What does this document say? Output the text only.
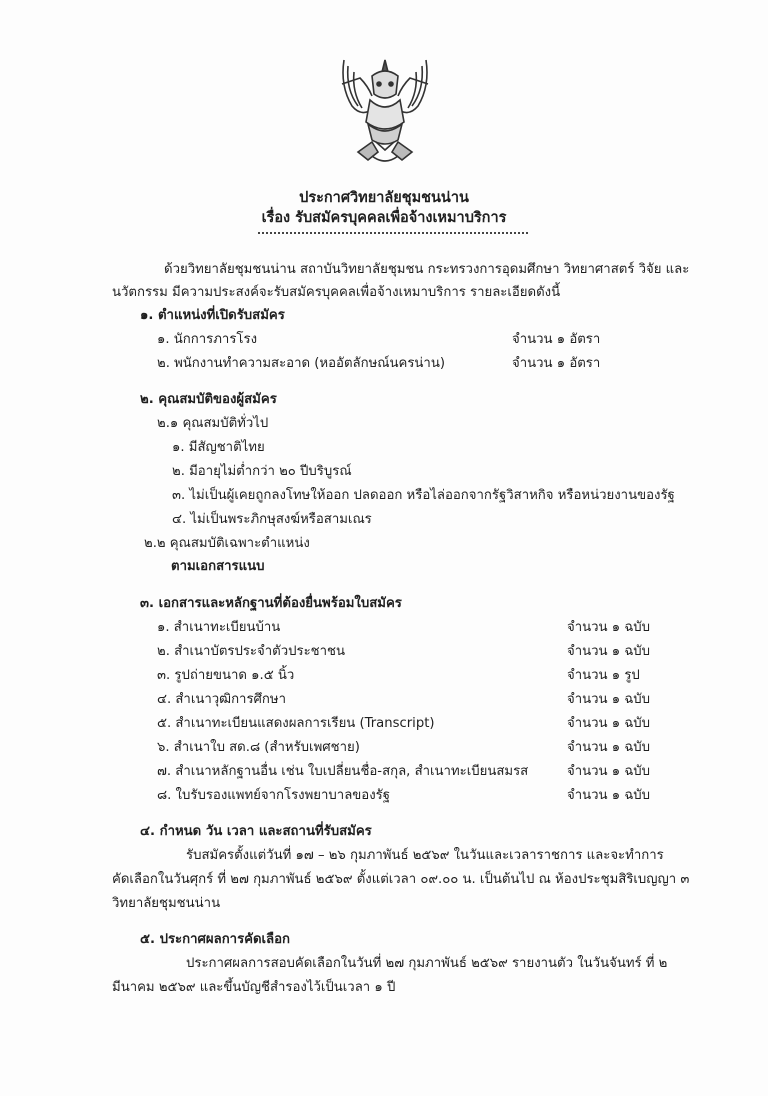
ประกาศวิทยาลัยชุมชนน่าน
เรื่อง รับสมัครบุคคลเพื่อจ้างเหมาบริการ
ด้วยวิทยาลัยชุมชนน่าน สถาบันวิทยาลัยชุมชน กระทรวงการอุดมศึกษา วิทยาศาสตร์ วิจัย และ
นวัตกรรม มีความประสงค์จะรับสมัครบุคคลเพื่อจ้างเหมาบริการ รายละเอียดดังนี้
๑. ตำแหน่งที่เปิดรับสมัคร
๑. นักการภารโรง	จำนวน ๑ อัตรา
๒. พนักงานทำความสะอาด (หออัตลักษณ์นครน่าน)	จำนวน ๑ อัตรา
๒. คุณสมบัติของผู้สมัคร
๒.๑ คุณสมบัติทั่วไป
๑. มีสัญชาติไทย
๒. มีอายุไม่ต่ำกว่า ๒๐ ปีบริบูรณ์
๓. ไม่เป็นผู้เคยถูกลงโทษให้ออก ปลดออก หรือไล่ออกจากรัฐวิสาหกิจ หรือหน่วยงานของรัฐ
๔. ไม่เป็นพระภิกษุสงฆ์หรือสามเณร
๒.๒ คุณสมบัติเฉพาะตำแหน่ง
ตามเอกสารแนบ
๓. เอกสารและหลักฐานที่ต้องยื่นพร้อมใบสมัคร
๑. สำเนาทะเบียนบ้าน	จำนวน ๑ ฉบับ
๒. สำเนาบัตรประจำตัวประชาชน	จำนวน ๑ ฉบับ
๓. รูปถ่ายขนาด ๑.๕ นิ้ว	จำนวน ๑ รูป
๔. สำเนาวุฒิการศึกษา	จำนวน ๑ ฉบับ
๕. สำเนาทะเบียนแสดงผลการเรียน (Transcript)	จำนวน ๑ ฉบับ
๖. สำเนาใบ สด.๘ (สำหรับเพศชาย)	จำนวน ๑ ฉบับ
๗. สำเนาหลักฐานอื่น เช่น ใบเปลี่ยนชื่อ-สกุล, สำเนาทะเบียนสมรส	จำนวน ๑ ฉบับ
๘. ใบรับรองแพทย์จากโรงพยาบาลของรัฐ	จำนวน ๑ ฉบับ
๔. กำหนด วัน เวลา และสถานที่รับสมัคร
รับสมัครตั้งแต่วันที่ ๑๗ – ๒๖ กุมภาพันธ์ ๒๕๖๙ ในวันและเวลาราชการ และจะทำการ
คัดเลือกในวันศุกร์ ที่ ๒๗ กุมภาพันธ์ ๒๕๖๙ ตั้งแต่เวลา ๐๙.๐๐ น. เป็นต้นไป ณ ห้องประชุมสิริเบญญา ๓
วิทยาลัยชุมชนน่าน
๕. ประกาศผลการคัดเลือก
ประกาศผลการสอบคัดเลือกในวันที่ ๒๗ กุมภาพันธ์ ๒๕๖๙ รายงานตัว ในวันจันทร์ ที่ ๒
มีนาคม ๒๕๖๙ และขึ้นบัญชีสำรองไว้เป็นเวลา ๑ ปี
